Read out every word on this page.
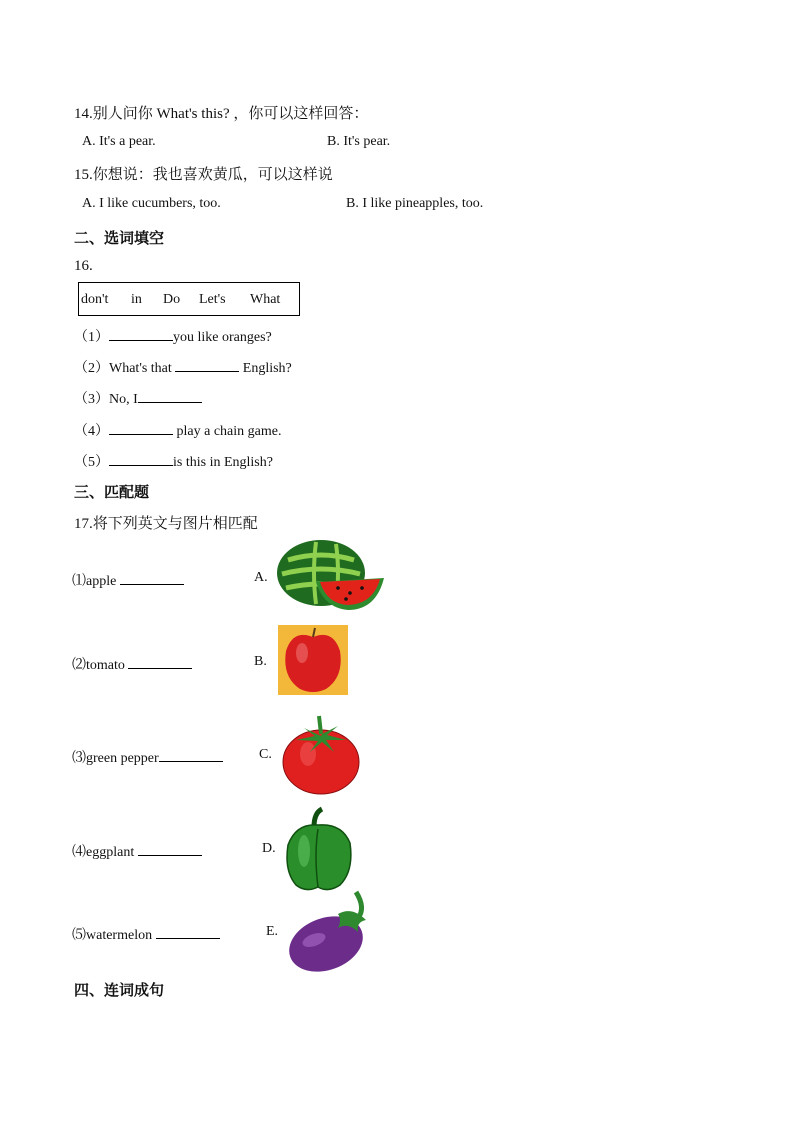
14.别人问你 What's this? ，你可以这样回答：
A. It's a pear.	B. It's pear.
15.你想说：我也喜欢黄瓜，可以这样说
A. I like cucumbers, too.	B. I like pineapples, too.
二、选词填空
16.
don't in Do Let's What
（1）	you like oranges?
（2）What's that	English?
（3）No, I
（4）	play a chain game.
（5）	is this in English?
三、匹配题
17.将下列英文与图片相匹配
⑴apple	A.
⑵tomato	B.
⑶green pepper	C.
⑷eggplant	D.
⑸watermelon	E.
四、连词成句
